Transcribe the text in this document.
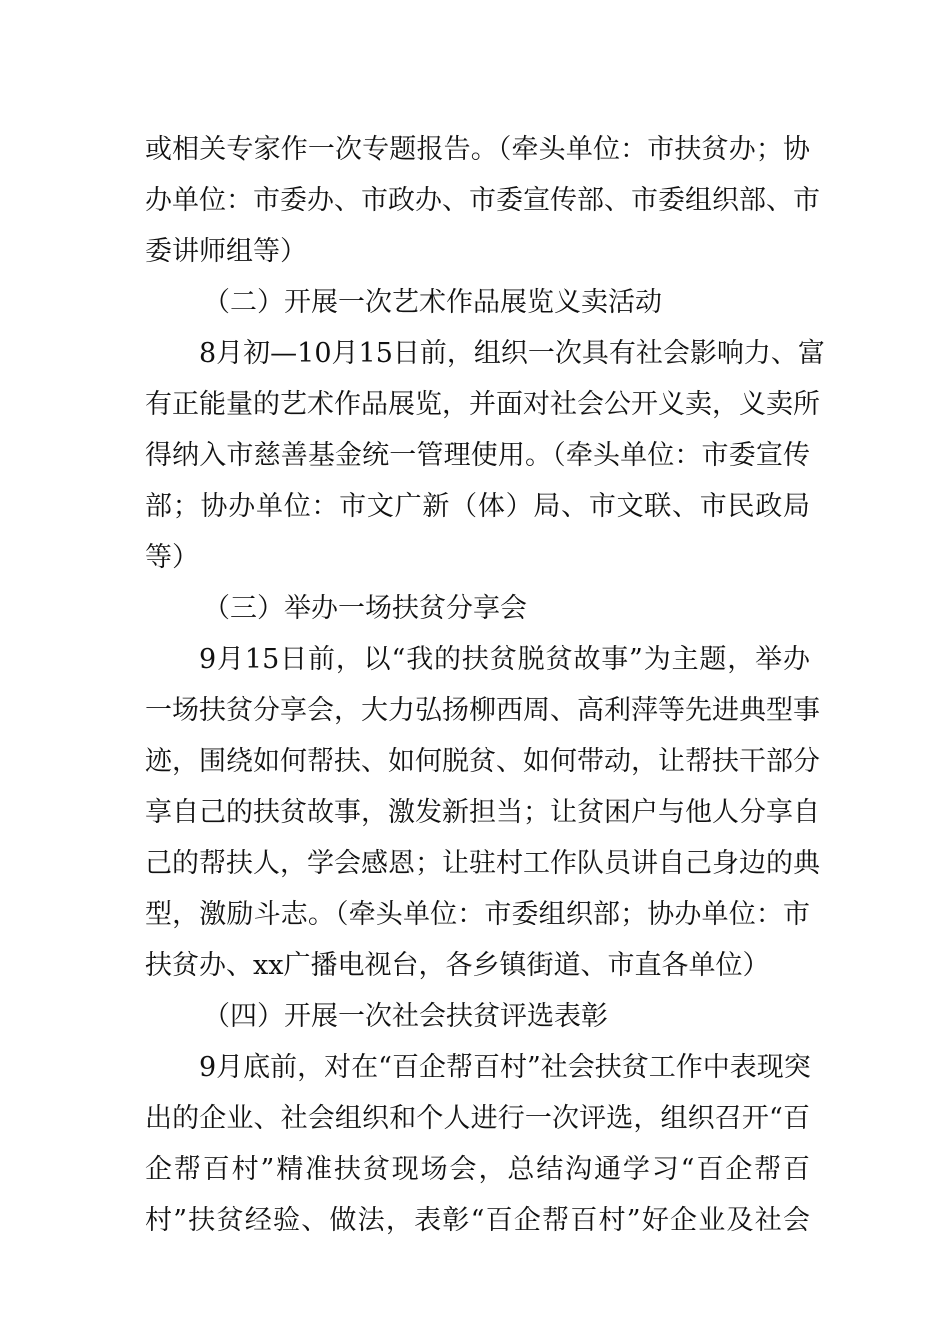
或相关专家作一次专题报告。（牵头单位：市扶贫办；协
办单位：市委办、市政办、市委宣传部、市委组织部、市
委讲师组等）
（二）开展一次艺术作品展览义卖活动
8月初—10月15日前，组织一次具有社会影响力、富
有正能量的艺术作品展览，并面对社会公开义卖，义卖所
得纳入市慈善基金统一管理使用。（牵头单位：市委宣传
部；协办单位：市文广新（体）局、市文联、市民政局
等）
（三）举办一场扶贫分享会
9月15日前，以“我的扶贫脱贫故事”为主题，举办
一场扶贫分享会，大力弘扬柳西周、高利萍等先进典型事
迹，围绕如何帮扶、如何脱贫、如何带动，让帮扶干部分
享自己的扶贫故事，激发新担当；让贫困户与他人分享自
己的帮扶人，学会感恩；让驻村工作队员讲自己身边的典
型，激励斗志。（牵头单位：市委组织部；协办单位：市
扶贫办、xx广播电视台，各乡镇街道、市直各单位）
（四）开展一次社会扶贫评选表彰
9月底前，对在“百企帮百村”社会扶贫工作中表现突
出的企业、社会组织和个人进行一次评选，组织召开“百
企帮百村”精准扶贫现场会，总结沟通学习“百企帮百
村”扶贫经验、做法，表彰“百企帮百村”好企业及社会
